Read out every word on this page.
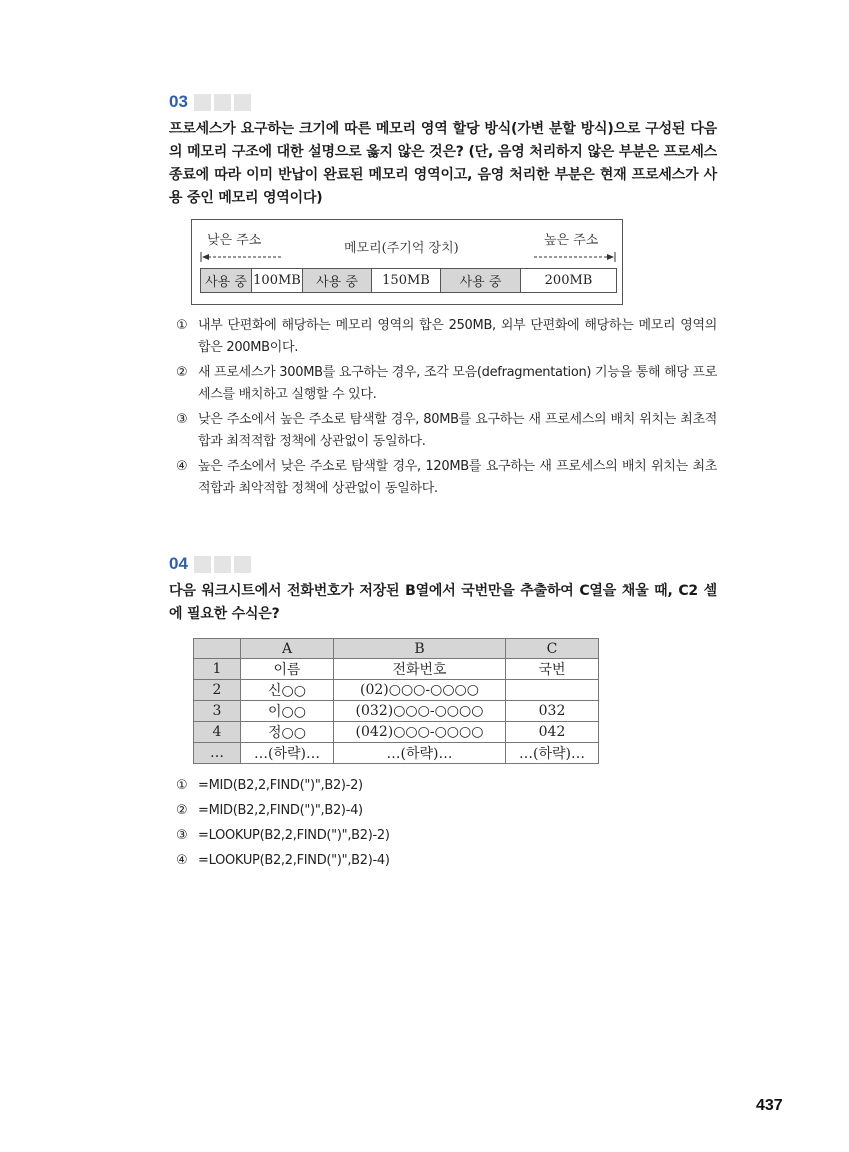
03
프로세스가 요구하는 크기에 따른 메모리 영역 할당 방식(가변 분할 방식)으로 구성된 다음의 메모리 구조에 대한 설명으로 옳지 않은 것은? (단, 음영 처리하지 않은 부분은 프로세스 종료에 따라 이미 반납이 완료된 메모리 영역이고, 음영 처리한 부분은 현재 프로세스가 사용 중인 메모리 영역이다)
낮은 주소
메모리(주기억 장치)
높은 주소
사용 중 100MB	사용 중	150MB	사용 중	200MB
① 내부 단편화에 해당하는 메모리 영역의 합은 250MB, 외부 단편화에 해당하는 메모리 영역의 합은 200MB이다.
② 새 프로세스가 300MB를 요구하는 경우, 조각 모음(defragmentation) 기능을 통해 해당 프로세스를 배치하고 실행할 수 있다.
③ 낮은 주소에서 높은 주소로 탐색할 경우, 80MB를 요구하는 새 프로세스의 배치 위치는 최초적합과 최적적합 정책에 상관없이 동일하다.
④ 높은 주소에서 낮은 주소로 탐색할 경우, 120MB를 요구하는 새 프로세스의 배치 위치는 최초적합과 최악적합 정책에 상관없이 동일하다.
04
다음 워크시트에서 전화번호가 저장된 B열에서 국번만을 추출하여 C열을 채울 때, C2 셀에 필요한 수식은?
	A	B	C
1	이름	전화번호	국번
2	신○○	(02)○○○-○○○○	
3	이○○	(032)○○○-○○○○	032
4	정○○	(042)○○○-○○○○	042
…	…(하략)…	…(하략)…	…(하략)…
① =MID(B2,2,FIND(")",B2)-2)
② =MID(B2,2,FIND(")",B2)-4)
③ =LOOKUP(B2,2,FIND(")",B2)-2)
④ =LOOKUP(B2,2,FIND(")",B2)-4)
437
